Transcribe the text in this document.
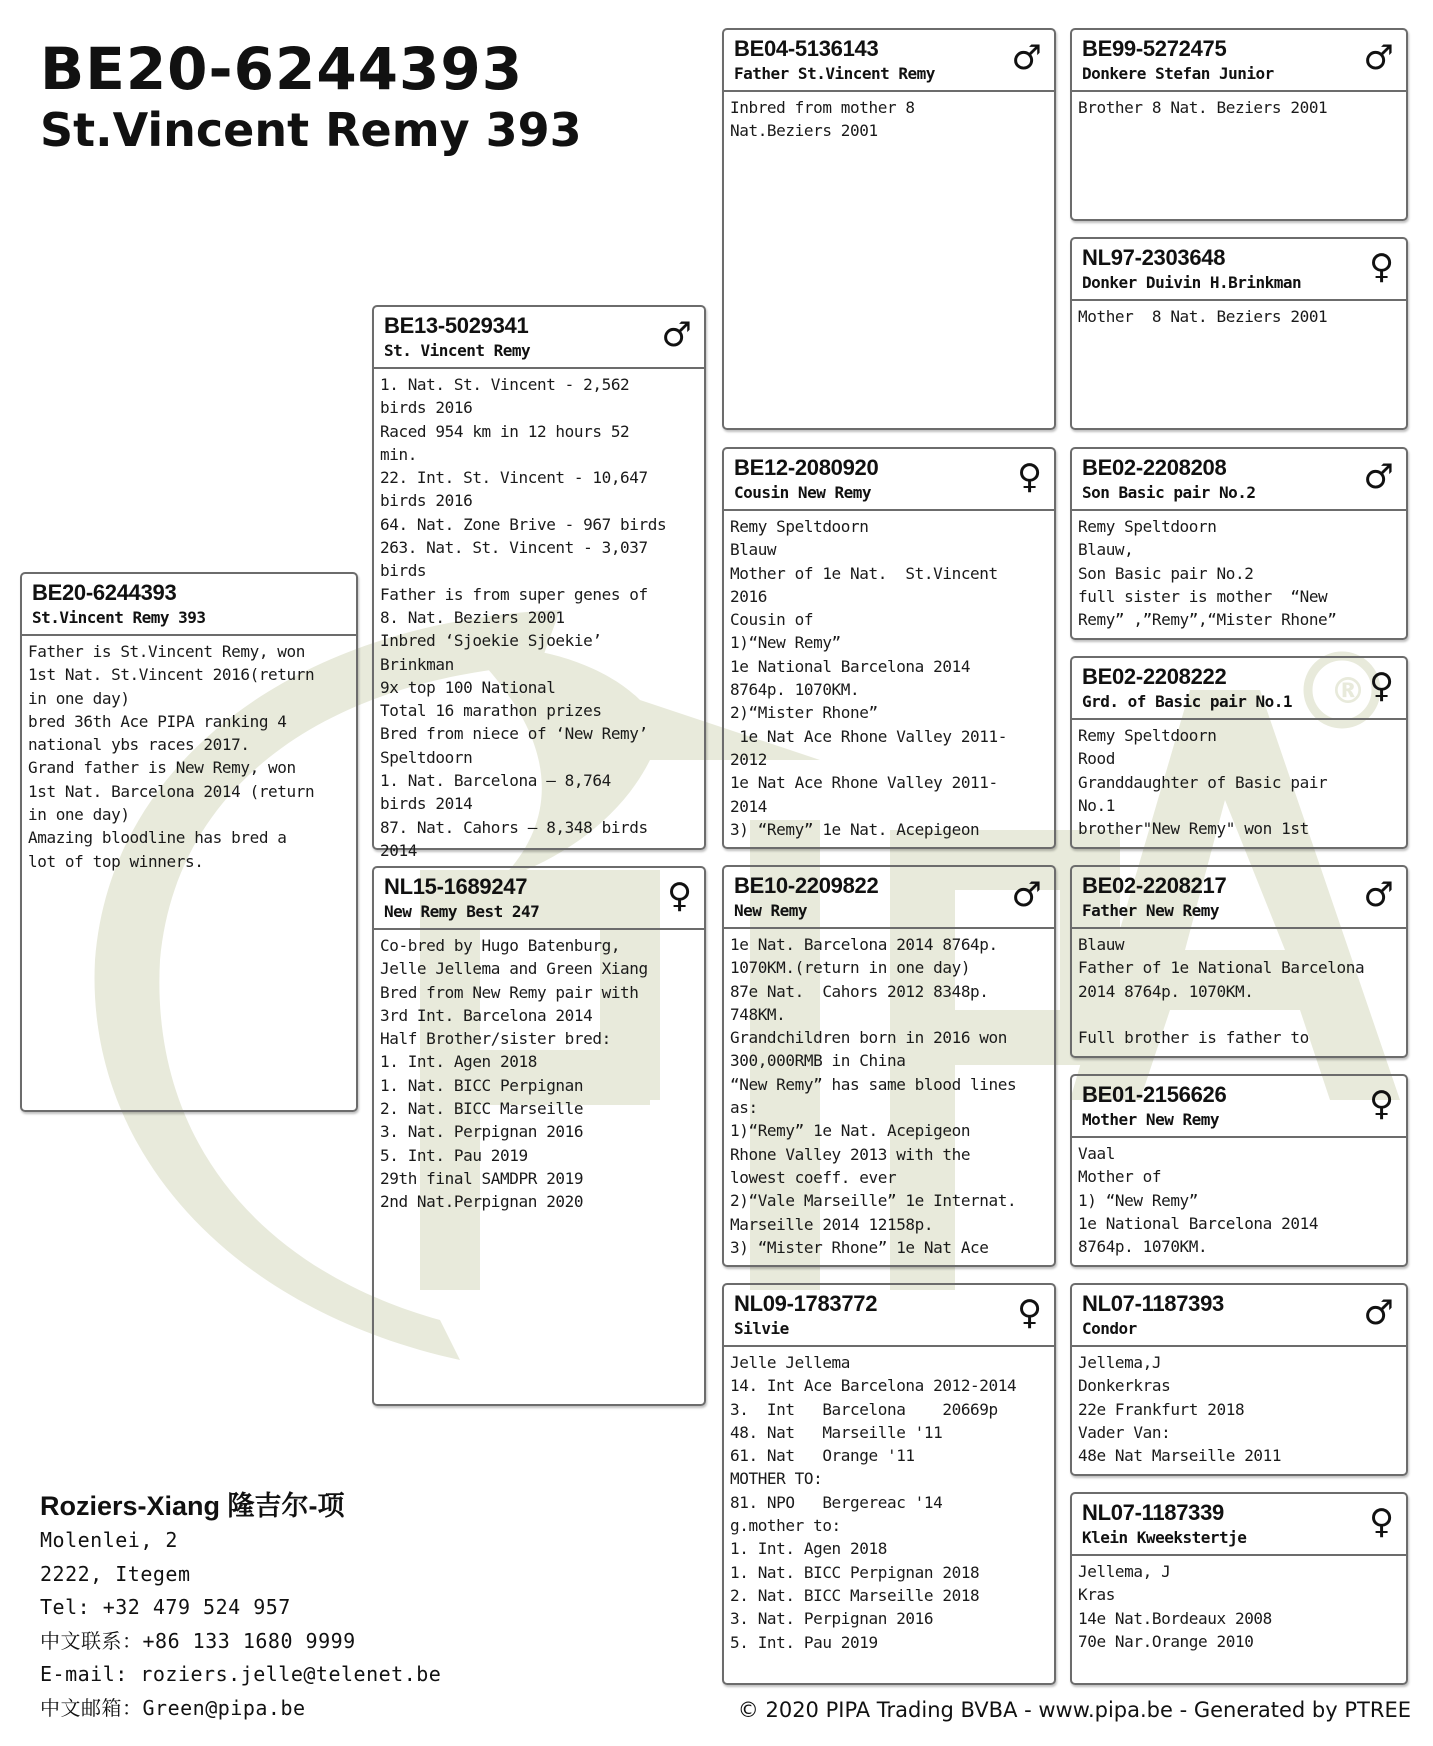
®
BE20-6244393
St.Vincent Remy 393
BE20-6244393
St.Vincent Remy 393
Father is St.Vincent Remy, won
1st Nat. St.Vincent 2016(return
in one day)
bred 36th Ace PIPA ranking 4
national ybs races 2017.
Grand father is New Remy, won
1st Nat. Barcelona 2014 (return
in one day)
Amazing bloodline has bred a
lot of top winners.
BE13-5029341
St. Vincent Remy	♂
1. Nat. St. Vincent - 2,562
birds 2016
Raced 954 km in 12 hours 52
min.
22. Int. St. Vincent - 10,647
birds 2016
64. Nat. Zone Brive - 967 birds
263. Nat. St. Vincent - 3,037
birds
Father is from super genes of
8. Nat. Beziers 2001
Inbred ‘Sjoekie Sjoekie’
Brinkman
9x top 100 National
Total 16 marathon prizes
Bred from niece of ‘New Remy’
Speltdoorn
1. Nat. Barcelona – 8,764
birds 2014
87. Nat. Cahors – 8,348 birds
2014
NL15-1689247
New Remy Best 247	♀
Co-bred by Hugo Batenburg,
Jelle Jellema and Green Xiang
Bred from New Remy pair with
3rd Int. Barcelona 2014
Half Brother/sister bred:
1. Int. Agen 2018
1. Nat. BICC Perpignan
2. Nat. BICC Marseille
3. Nat. Perpignan 2016
5. Int. Pau 2019
29th final SAMDPR 2019
2nd Nat.Perpignan 2020
BE04-5136143
Father St.Vincent Remy	♂
Inbred from mother 8
Nat.Beziers 2001
BE12-2080920
Cousin New Remy	♀
Remy Speltdoorn
Blauw
Mother of 1e Nat.  St.Vincent
2016
Cousin of
1)“New Remy”
1e National Barcelona 2014
8764p. 1070KM.
2)“Mister Rhone”
1e Nat Ace Rhone Valley 2011-
2012
1e Nat Ace Rhone Valley 2011-
2014
3) “Remy” 1e Nat. Acepigeon
BE10-2209822
New Remy	♂
1e Nat. Barcelona 2014 8764p.
1070KM.(return in one day)
87e Nat.  Cahors 2012 8348p.
748KM.
Grandchildren born in 2016 won
300,000RMB in China
“New Remy” has same blood lines
as:
1)“Remy” 1e Nat. Acepigeon
Rhone Valley 2013 with the
lowest coeff. ever
2)“Vale Marseille” 1e Internat.
Marseille 2014 12158p.
3) “Mister Rhone” 1e Nat Ace
NL09-1783772
Silvie	♀
Jelle Jellema
14. Int Ace Barcelona 2012-2014
3.  Int   Barcelona    20669p
48. Nat   Marseille '11
61. Nat   Orange '11
MOTHER TO:
81. NPO   Bergereac '14
g.mother to:
1. Int. Agen 2018
1. Nat. BICC Perpignan 2018
2. Nat. BICC Marseille 2018
3. Nat. Perpignan 2016
5. Int. Pau 2019
BE99-5272475
Donkere Stefan Junior	♂
Brother 8 Nat. Beziers 2001
NL97-2303648
Donker Duivin H.Brinkman	♀
Mother  8 Nat. Beziers 2001
BE02-2208208
Son Basic pair No.2	♂
Remy Speltdoorn
Blauw,
Son Basic pair No.2
full sister is mother  “New
Remy” ,”Remy”,“Mister Rhone”
BE02-2208222
Grd. of Basic pair No.1	♀
Remy Speltdoorn
Rood
Granddaughter of Basic pair
No.1
brother"New Remy" won 1st
BE02-2208217
Father New Remy	♂
Blauw
Father of 1e National Barcelona
2014 8764p. 1070KM.

Full brother is father to
BE01-2156626
Mother New Remy	♀
Vaal
Mother of
1) “New Remy”
1e National Barcelona 2014
8764p. 1070KM.
NL07-1187393
Condor	♂
Jellema,J
Donkerkras
22e Frankfurt 2018
Vader Van:
48e Nat Marseille 2011
NL07-1187339
Klein Kweekstertje	♀
Jellema, J
Kras
14e Nat.Bordeaux 2008
70e Nar.Orange 2010
Roziers-Xiang 隆吉尔-项
Molenlei, 2
2222, Itegem
Tel: +32 479 524 957
中文联系：+86 133 1680 9999
E-mail: roziers.jelle@telenet.be
中文邮箱：Green@pipa.be	© 2020 PIPA Trading BVBA - www.pipa.be - Generated by PTREE
